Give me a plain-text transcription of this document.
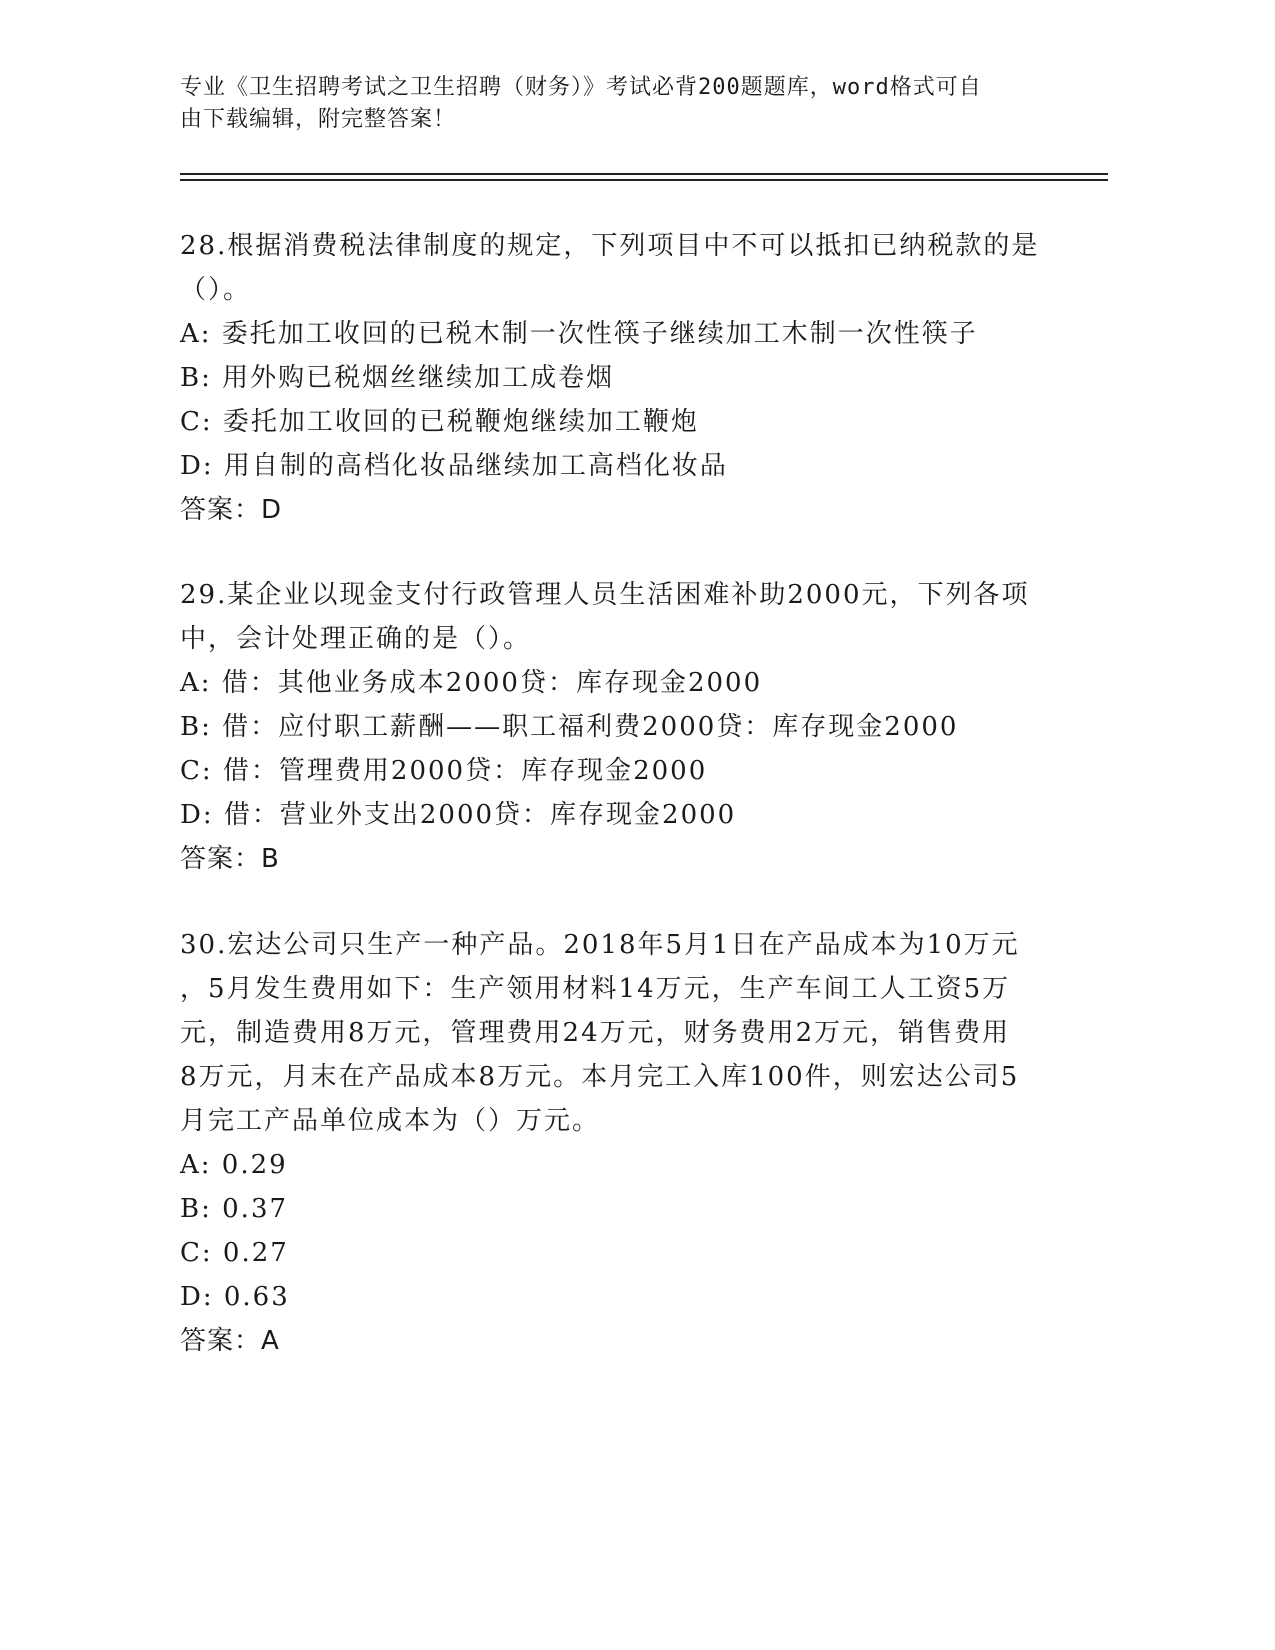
专业《卫生招聘考试之卫生招聘（财务）》考试必背200题题库，word格式可自
由下载编辑，附完整答案！

28.根据消费税法律制度的规定，下列项目中不可以抵扣已纳税款的是

（）。

A: 委托加工收回的已税木制一次性筷子继续加工木制一次性筷子

B: 用外购已税烟丝继续加工成卷烟

C: 委托加工收回的已税鞭炮继续加工鞭炮

D: 用自制的高档化妆品继续加工高档化妆品

答案：D

29.某企业以现金支付行政管理人员生活困难补助2000元，下列各项

中，会计处理正确的是（）。

A: 借：其他业务成本2000贷：库存现金2000

B: 借：应付职工薪酬——职工福利费2000贷：库存现金2000

C: 借：管理费用2000贷：库存现金2000

D: 借：营业外支出2000贷：库存现金2000

答案：B

30.宏达公司只生产一种产品。2018年5月1日在产品成本为10万元

，5月发生费用如下：生产领用材料14万元，生产车间工人工资5万

元，制造费用8万元，管理费用24万元，财务费用2万元，销售费用

8万元，月末在产品成本8万元。本月完工入库100件，则宏达公司5

月完工产品单位成本为（）万元。

A: 0.29

B: 0.37

C: 0.27

D: 0.63

答案：A
